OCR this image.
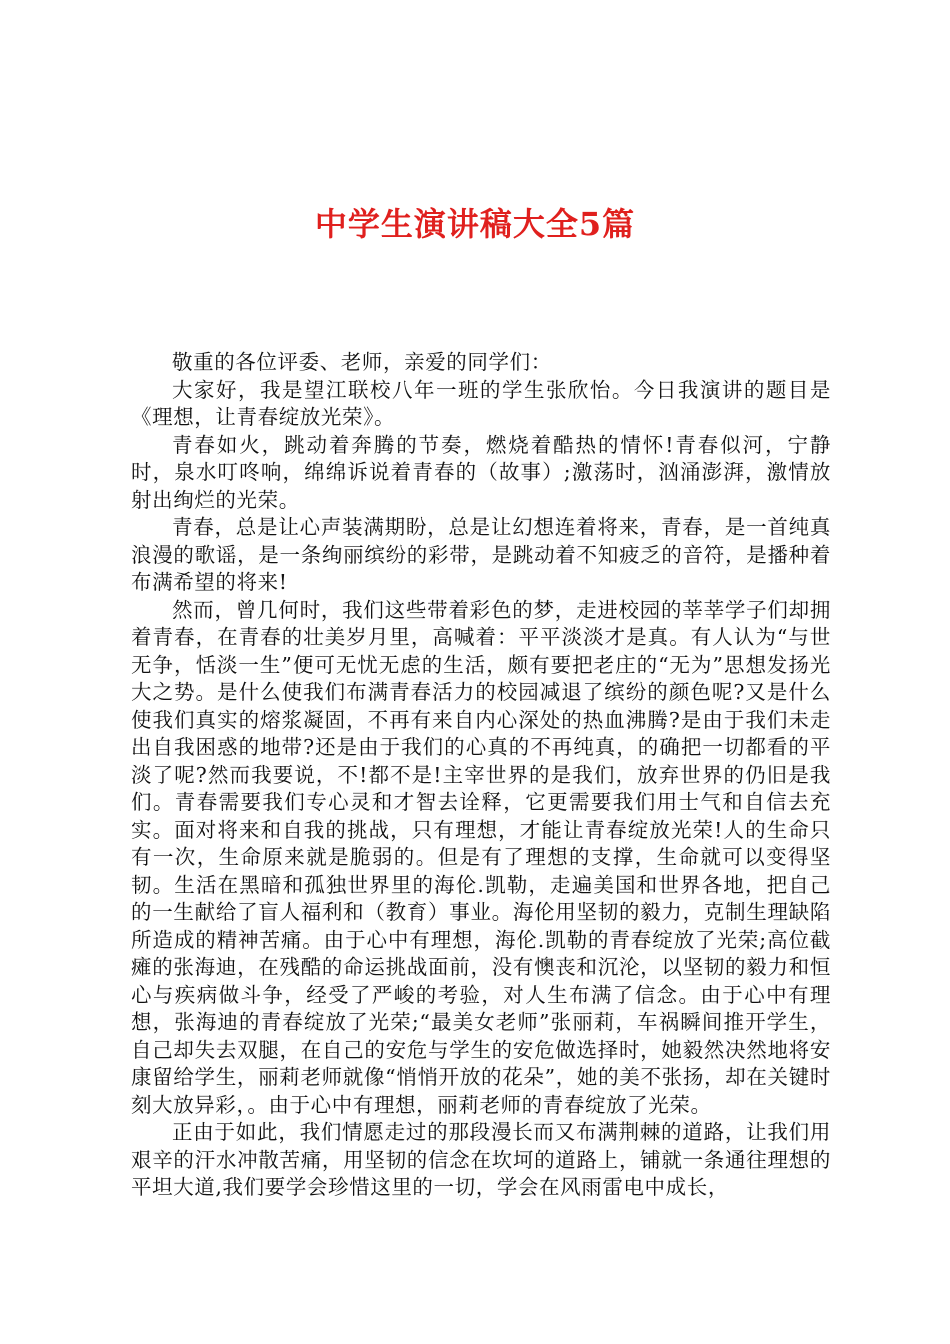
中学生演讲稿大全5篇

敬重的各位评委、老师，亲爱的同学们：

大家好，我是望江联校八年一班的学生张欣怡。今日我演讲的题目是《理想，让青春绽放光荣》。

青春如火，跳动着奔腾的节奏，燃烧着酷热的情怀!青春似河，宁静时，泉水叮咚响，绵绵诉说着青春的（故事）;激荡时，汹涌澎湃，激情放射出绚烂的光荣。

青春，总是让心声装满期盼，总是让幻想连着将来，青春，是一首纯真浪漫的歌谣，是一条绚丽缤纷的彩带，是跳动着不知疲乏的音符，是播种着布满希望的将来!

然而，曾几何时，我们这些带着彩色的梦，走进校园的莘莘学子们却拥着青春，在青春的壮美岁月里，高喊着：平平淡淡才是真。有人认为“与世无争，恬淡一生”便可无忧无虑的生活，颇有要把老庄的“无为”思想发扬光大之势。是什么使我们布满青春活力的校园减退了缤纷的颜色呢?又是什么使我们真实的熔浆凝固，不再有来自内心深处的热血沸腾?是由于我们未走出自我困惑的地带?还是由于我们的心真的不再纯真，的确把一切都看的平淡了呢?然而我要说，不!都不是!主宰世界的是我们，放弃世界的仍旧是我们。青春需要我们专心灵和才智去诠释，它更需要我们用士气和自信去充实。面对将来和自我的挑战，只有理想，才能让青春绽放光荣!人的生命只有一次，生命原来就是脆弱的。但是有了理想的支撑，生命就可以变得坚韧。生活在黑暗和孤独世界里的海伦.凯勒，走遍美国和世界各地，把自己的一生献给了盲人福利和（教育）事业。海伦用坚韧的毅力，克制生理缺陷所造成的精神苦痛。由于心中有理想，海伦.凯勒的青春绽放了光荣;高位截瘫的张海迪，在残酷的命运挑战面前，没有懊丧和沉沦，以坚韧的毅力和恒心与疾病做斗争，经受了严峻的考验，对人生布满了信念。由于心中有理想，张海迪的青春绽放了光荣;“最美女老师”张丽莉，车祸瞬间推开学生，自己却失去双腿，在自己的安危与学生的安危做选择时，她毅然决然地将安康留给学生，丽莉老师就像“悄悄开放的花朵”，她的美不张扬，却在关键时刻大放异彩，。由于心中有理想，丽莉老师的青春绽放了光荣。

正由于如此，我们情愿走过的那段漫长而又布满荆棘的道路，让我们用艰辛的汗水冲散苦痛，用坚韧的信念在坎坷的道路上，铺就一条通往理想的平坦大道,我们要学会珍惜这里的一切，学会在风雨雷电中成长，
